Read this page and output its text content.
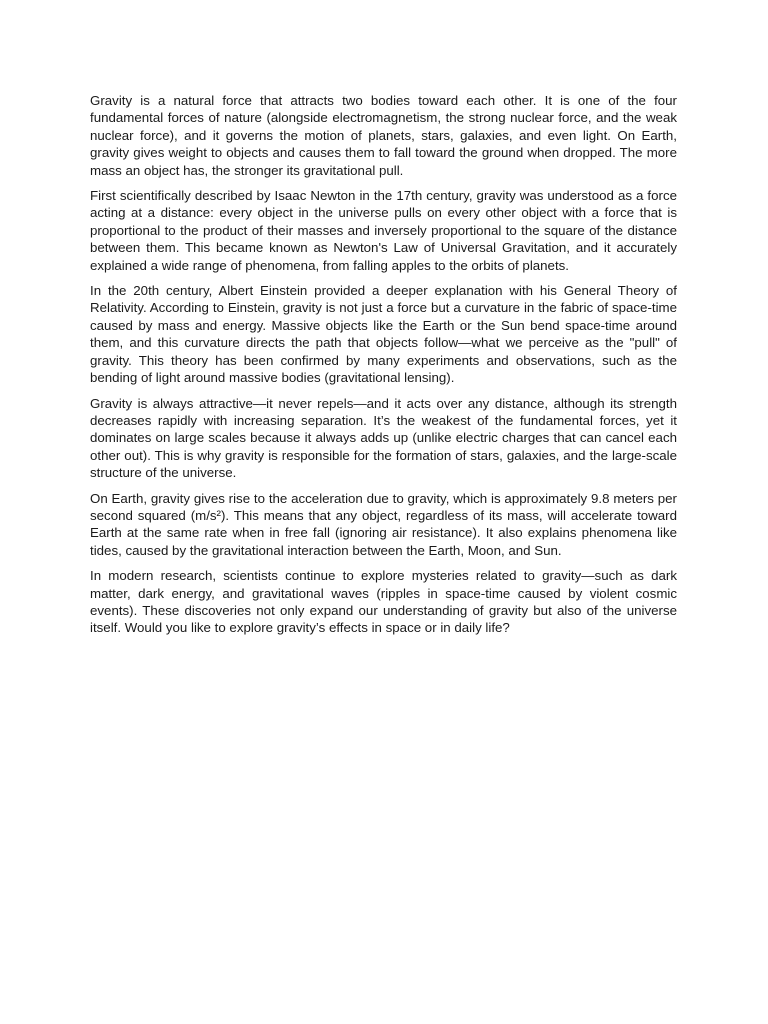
Gravity is a natural force that attracts two bodies toward each other. It is one of the four fundamental forces of nature (alongside electromagnetism, the strong nuclear force, and the weak nuclear force), and it governs the motion of planets, stars, galaxies, and even light. On Earth, gravity gives weight to objects and causes them to fall toward the ground when dropped. The more mass an object has, the stronger its gravitational pull.

First scientifically described by Isaac Newton in the 17th century, gravity was understood as a force acting at a distance: every object in the universe pulls on every other object with a force that is proportional to the product of their masses and inversely proportional to the square of the distance between them. This became known as Newton's Law of Universal Gravitation, and it accurately explained a wide range of phenomena, from falling apples to the orbits of planets.

In the 20th century, Albert Einstein provided a deeper explanation with his General Theory of Relativity. According to Einstein, gravity is not just a force but a curvature in the fabric of space-time caused by mass and energy. Massive objects like the Earth or the Sun bend space-time around them, and this curvature directs the path that objects follow—what we perceive as the "pull" of gravity. This theory has been confirmed by many experiments and observations, such as the bending of light around massive bodies (gravitational lensing).

Gravity is always attractive—it never repels—and it acts over any distance, although its strength decreases rapidly with increasing separation. It’s the weakest of the fundamental forces, yet it dominates on large scales because it always adds up (unlike electric charges that can cancel each other out). This is why gravity is responsible for the formation of stars, galaxies, and the large-scale structure of the universe.

On Earth, gravity gives rise to the acceleration due to gravity, which is approximately 9.8 meters per second squared (m/s²). This means that any object, regardless of its mass, will accelerate toward Earth at the same rate when in free fall (ignoring air resistance). It also explains phenomena like tides, caused by the gravitational interaction between the Earth, Moon, and Sun.

In modern research, scientists continue to explore mysteries related to gravity—such as dark matter, dark energy, and gravitational waves (ripples in space-time caused by violent cosmic events). These discoveries not only expand our understanding of gravity but also of the universe itself. Would you like to explore gravity’s effects in space or in daily life?
